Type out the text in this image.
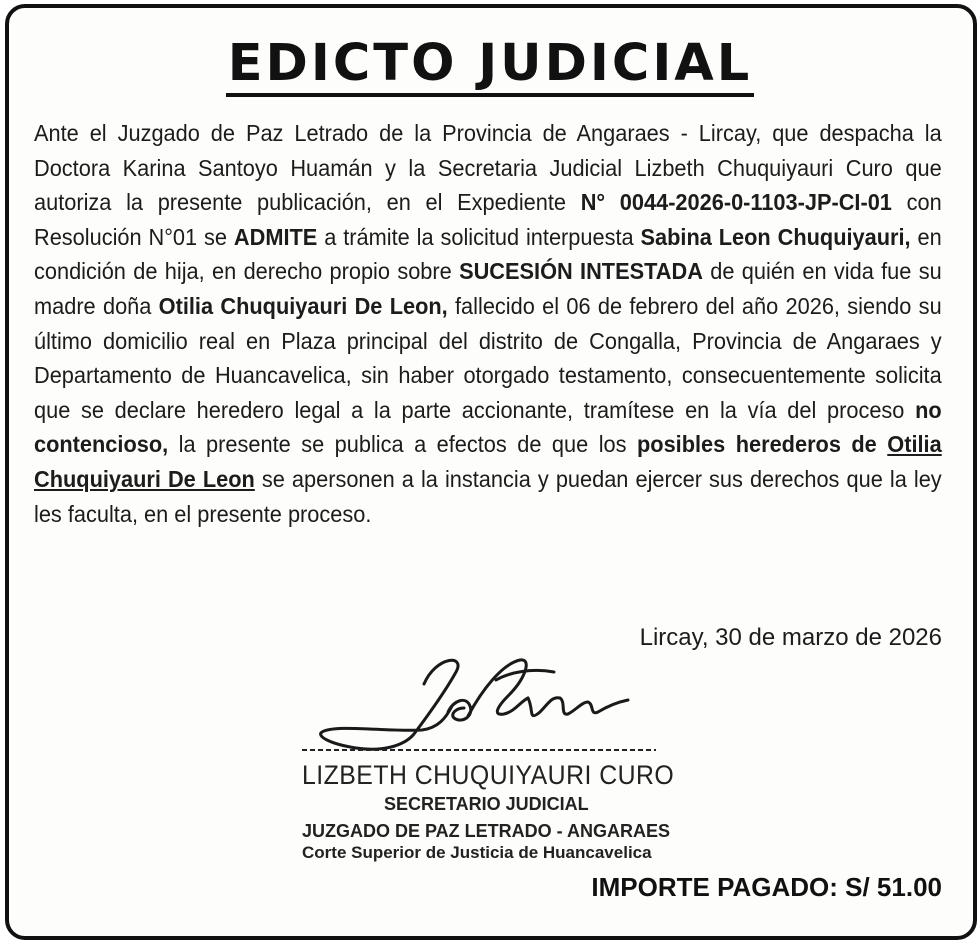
EDICTO JUDICIAL
Ante el Juzgado de Paz Letrado de la Provincia de Angaraes - Lircay, que despacha la Doctora Karina Santoyo Huamán y la Secretaria Judicial Lizbeth Chuquiyauri Curo que autoriza la presente publicación, en el Expediente N° 0044-2026-0-1103-JP-CI-01 con Resolución N°01 se ADMITE a trámite la solicitud interpuesta Sabina Leon Chuquiyauri, en condición de hija, en derecho propio sobre SUCESIÓN INTESTADA de quién en vida fue su madre doña Otilia Chuquiyauri De Leon, fallecido el 06 de febrero del año 2026, siendo su último domicilio real en Plaza principal del distrito de Congalla, Provincia de Angaraes y Departamento de Huancavelica, sin haber otorgado testamento, consecuentemente solicita que se declare heredero legal a la parte accionante, tramítese en la vía del proceso no contencioso, la presente se publica a efectos de que los posibles herederos de Otilia Chuquiyauri De Leon se apersonen a la instancia y puedan ejercer sus derechos que la ley les faculta, en el presente proceso.
Lircay, 30 de marzo de 2026
LIZBETH CHUQUIYAURI CURO
SECRETARIO JUDICIAL
JUZGADO DE PAZ LETRADO - ANGARAES
Corte Superior de Justicia de Huancavelica
IMPORTE PAGADO: S/ 51.00
